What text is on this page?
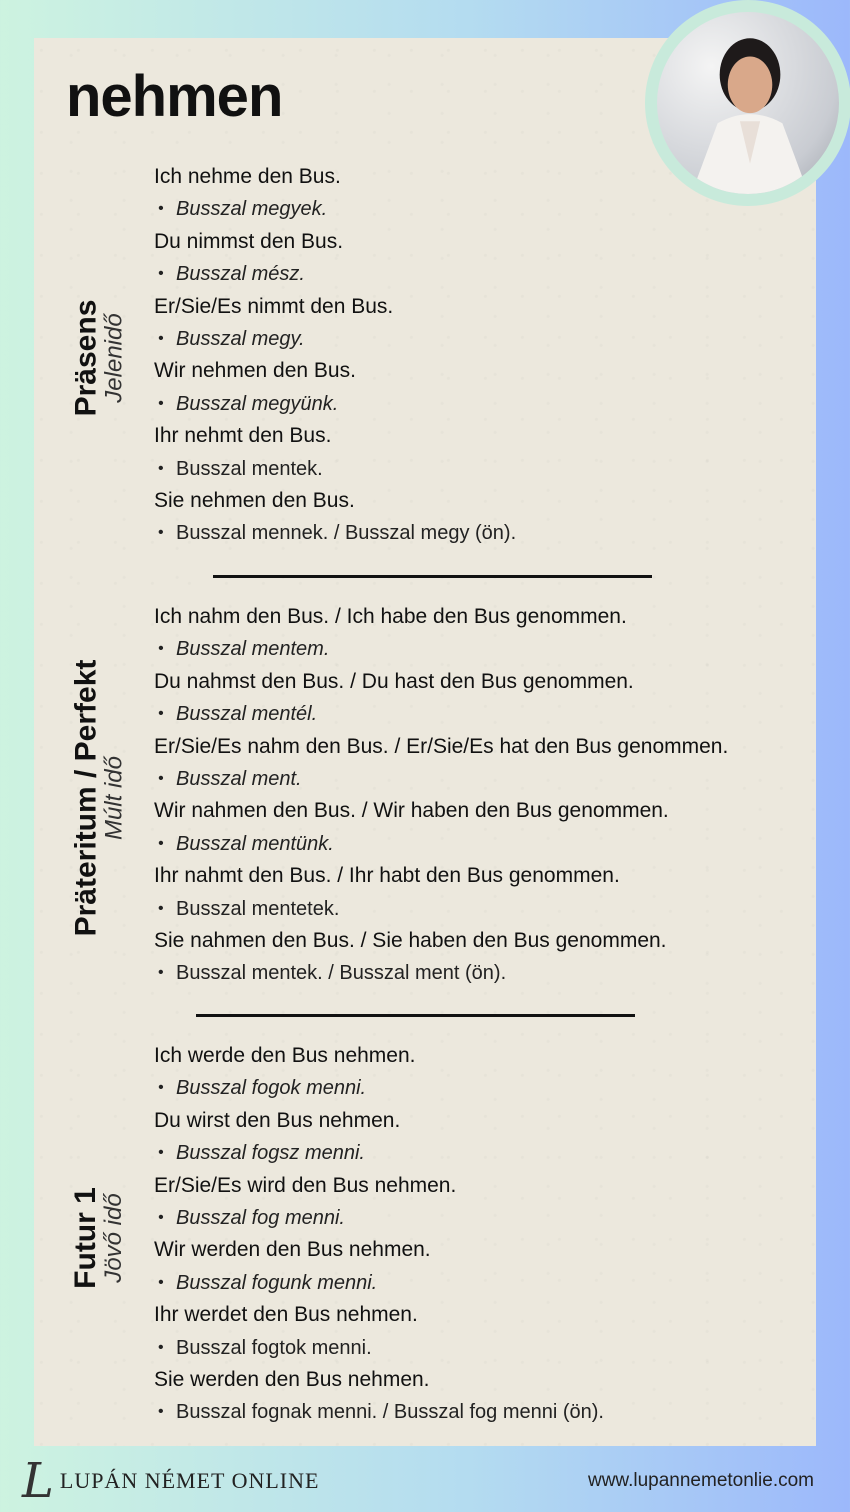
nehmen
Präsens
Jelenidő
Ich nehme den Bus.
• Busszal megyek.
Du nimmst den Bus.
• Busszal mész.
Er/Sie/Es nimmt den Bus.
• Busszal megy.
Wir nehmen den Bus.
• Busszal megyünk.
Ihr nehmt den Bus.
• Busszal mentek.
Sie nehmen den Bus.
• Busszal mennek. / Busszal megy (ön).
Präteritum / Perfekt
Múlt idő
Ich nahm den Bus. / Ich habe den Bus genommen.
• Busszal mentem.
Du nahmst den Bus. / Du hast den Bus genommen.
• Busszal mentél.
Er/Sie/Es nahm den Bus. / Er/Sie/Es hat den Bus genommen.
• Busszal ment.
Wir nahmen den Bus. / Wir haben den Bus genommen.
• Busszal mentünk.
Ihr nahmt den Bus. / Ihr habt den Bus genommen.
• Busszal mentetek.
Sie nahmen den Bus. / Sie haben den Bus genommen.
• Busszal mentek. / Busszal ment (ön).
Futur 1
Jövő idő
Ich werde den Bus nehmen.
• Busszal fogok menni.
Du wirst den Bus nehmen.
• Busszal fogsz menni.
Er/Sie/Es wird den Bus nehmen.
• Busszal fog menni.
Wir werden den Bus nehmen.
• Busszal fogunk menni.
Ihr werdet den Bus nehmen.
• Busszal fogtok menni.
Sie werden den Bus nehmen.
• Busszal fognak menni. / Busszal fog menni (ön).
L LUPÁN NÉMET ONLINE	www.lupannemetonlie.com
